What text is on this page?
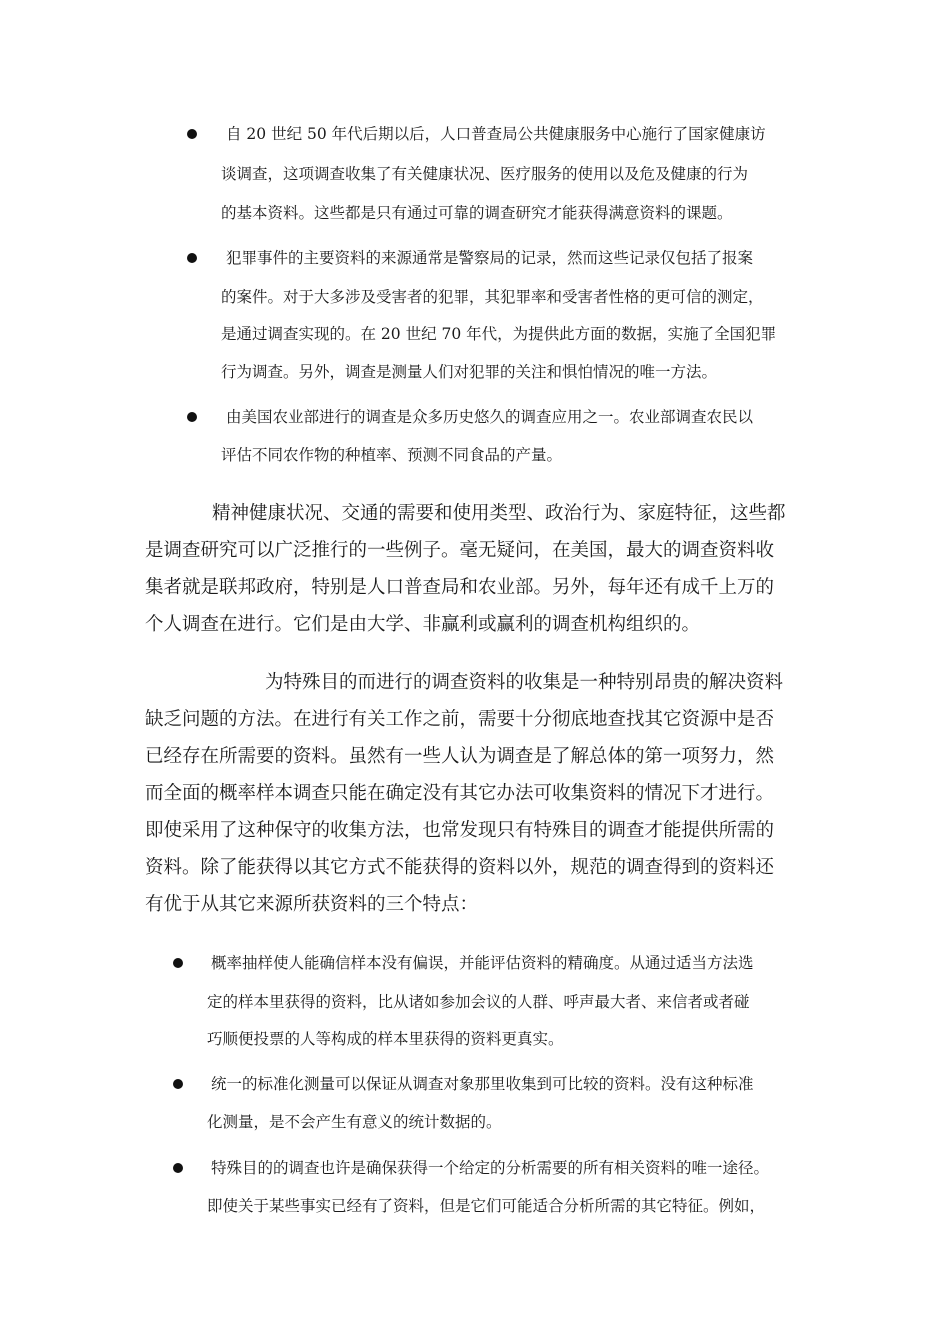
自 20 世纪 50 年代后期以后，人口普查局公共健康服务中心施行了国家健康访
谈调查，这项调查收集了有关健康状况、医疗服务的使用以及危及健康的行为
的基本资料。这些都是只有通过可靠的调查研究才能获得满意资料的课题。
犯罪事件的主要资料的来源通常是警察局的记录，然而这些记录仅包括了报案
的案件。对于大多涉及受害者的犯罪，其犯罪率和受害者性格的更可信的测定，
是通过调查实现的。在 20 世纪 70 年代，为提供此方面的数据，实施了全国犯罪
行为调查。另外，调查是测量人们对犯罪的关注和惧怕情况的唯一方法。
由美国农业部进行的调查是众多历史悠久的调查应用之一。农业部调查农民以
评估不同农作物的种植率、预测不同食品的产量。
精神健康状况、交通的需要和使用类型、政治行为、家庭特征，这些都
是调查研究可以广泛推行的一些例子。毫无疑问，在美国，最大的调查资料收
集者就是联邦政府，特别是人口普查局和农业部。另外，每年还有成千上万的
个人调查在进行。它们是由大学、非赢利或赢利的调查机构组织的。
为特殊目的而进行的调查资料的收集是一种特别昂贵的解决资料
缺乏问题的方法。在进行有关工作之前，需要十分彻底地查找其它资源中是否
已经存在所需要的资料。虽然有一些人认为调查是了解总体的第一项努力，然
而全面的概率样本调查只能在确定没有其它办法可收集资料的情况下才进行。
即使采用了这种保守的收集方法，也常发现只有特殊目的调查才能提供所需的
资料。除了能获得以其它方式不能获得的资料以外，规范的调查得到的资料还
有优于从其它来源所获资料的三个特点：
概率抽样使人能确信样本没有偏误，并能评估资料的精确度。从通过适当方法选
定的样本里获得的资料，比从诸如参加会议的人群、呼声最大者、来信者或者碰
巧顺便投票的人等构成的样本里获得的资料更真实。
统一的标准化测量可以保证从调查对象那里收集到可比较的资料。没有这种标准
化测量，是不会产生有意义的统计数据的。
特殊目的的调查也许是确保获得一个给定的分析需要的所有相关资料的唯一途径。
即使关于某些事实已经有了资料，但是它们可能适合分析所需的其它特征。例如，
